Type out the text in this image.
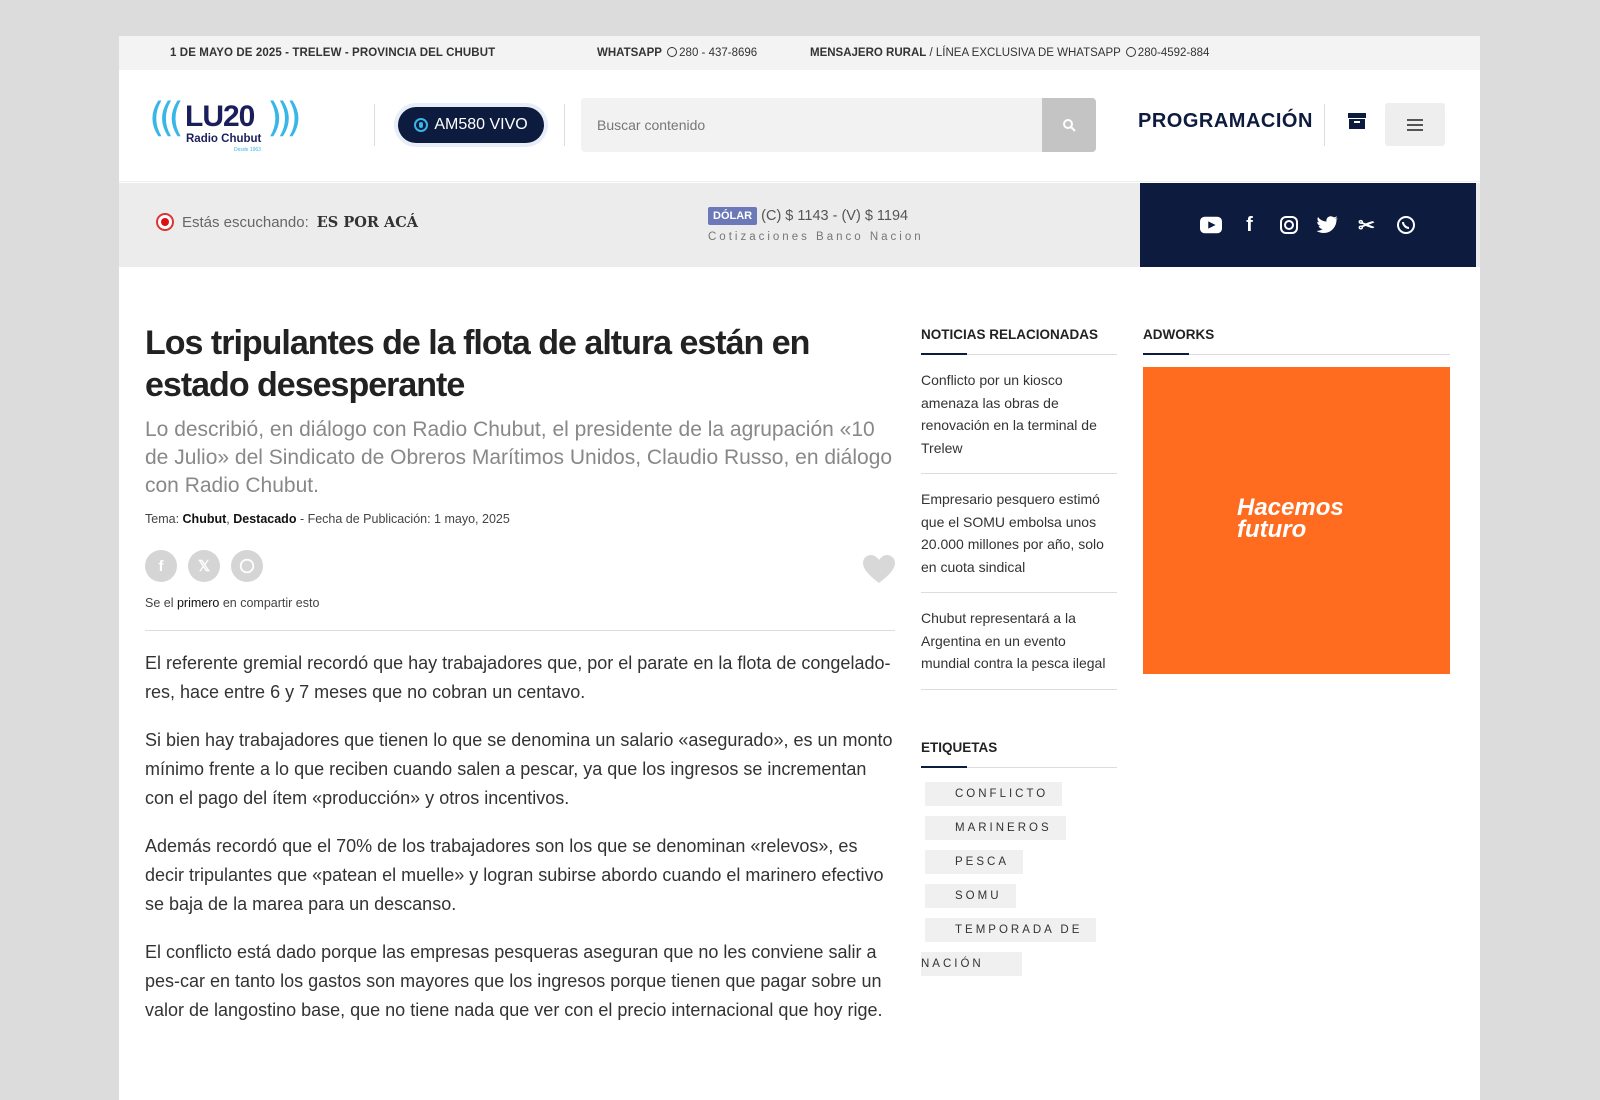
1 DE MAYO DE 2025 - TRELEW - PROVINCIA DEL CHUBUT	WHATSAPP 280 - 437-8696	MENSAJERO RURAL / LÍNEA EXCLUSIVA DE WHATSAPP 280-4592-884
((( LU20
Radio Chubut
Desde 1963
)))	AM580 VIVO
Buscar contenido	PROGRAMACIÓN
Estás escuchando: ES POR ACÁ	DÓLAR (C) $ 1143 - (V) $ 1194
Cotizaciones Banco Nacion
f	✂
Los tripulantes de la flota de altura están en estado desesperante
Lo describió, en diálogo con Radio Chubut, el presidente de la agrupación «10 de Julio» del Sindicato de Obreros Marítimos Unidos, Claudio Russo, en diálogo con Radio Chubut.
Tema: Chubut, Destacado - Fecha de Publicación: 1 mayo, 2025
f	𝕏
Se el primero en compartir esto

El referente gremial recordó que hay trabajadores que, por el parate en la flota de congelado-res, hace entre 6 y 7 meses que no cobran un centavo.

Si bien hay trabajadores que tienen lo que se denomina un salario «asegurado», es un monto mínimo frente a lo que reciben cuando salen a pescar, ya que los ingresos se incrementan con el pago del ítem «producción» y otros incentivos.

Además recordó que el 70% de los trabajadores son los que se denominan «relevos», es decir tripulantes que «patean el muelle» y logran subirse abordo cuando el marinero efectivo se baja de la marea para un descanso.

El conflicto está dado porque las empresas pesqueras aseguran que no les conviene salir a pes-car en tanto los gastos son mayores que los ingresos porque tienen que pagar sobre un valor de langostino base, que no tiene nada que ver con el precio internacional que hoy rige.

NOTICIAS RELACIONADAS
Conflicto por un kiosco amenaza las obras de renovación en la terminal de Trelew
Empresario pesquero estimó que el SOMU embolsa unos 20.000 millones por año, solo en cuota sindical
Chubut representará a la Argentina en un evento mundial contra la pesca ilegal
ETIQUETAS
CONFLICTO
MARINEROS
PESCA
SOMU
TEMPORADA DE
NACIÓN
ADWORKS
Hacemos
futuro
